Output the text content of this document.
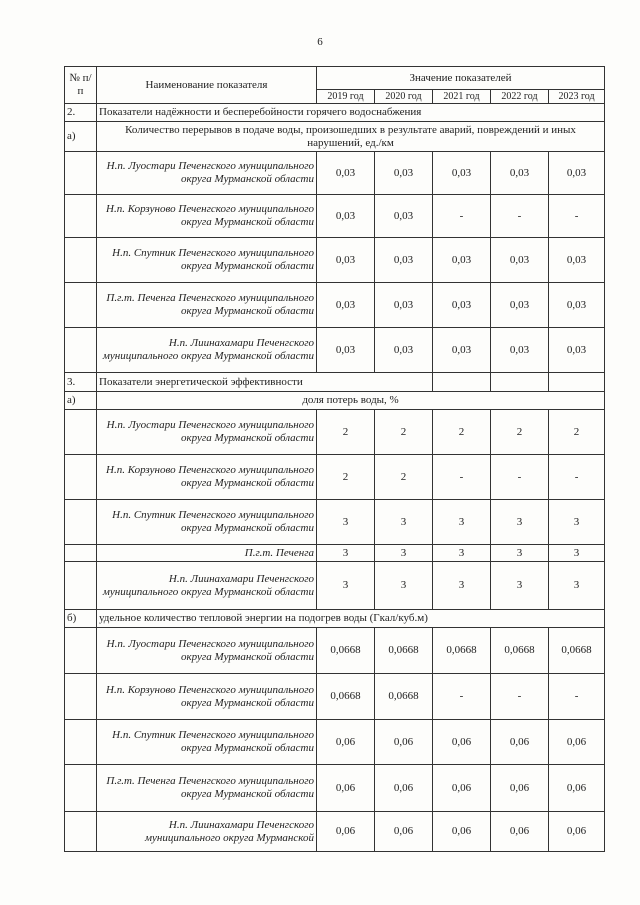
6
№ п/п	Наименование показателя	Значение показателей				
		2019 год	2020 год	2021 год	2022 год	2023 год
2.	Показатели надёжности и бесперебойности горячего водоснабжения					
а)	Количество перерывов в подаче воды, произошедших в результате аварий, повреждений и иных нарушений, ед./км					
	Н.п. Луостари Печенгского муниципального округа Мурманской области	0,03	0,03	0,03	0,03	0,03
	Н.п. Корзуново Печенгского муниципального округа Мурманской области	0,03	0,03	-	-	-
	Н.п. Спутник Печенгского муниципального округа Мурманской области	0,03	0,03	0,03	0,03	0,03
	П.г.т. Печенга Печенгского муниципального округа Мурманской области	0,03	0,03	0,03	0,03	0,03
	Н.п. Лиинахамари Печенгского муниципального округа Мурманской области	0,03	0,03	0,03	0,03	0,03
3.	Показатели энергетической эффективности					
а)	доля потерь воды, %					
	Н.п. Луостари Печенгского муниципального округа Мурманской области	2	2	2	2	2
	Н.п. Корзуново Печенгского муниципального округа Мурманской области	2	2	-	-	-
	Н.п. Спутник Печенгского муниципального округа Мурманской области	3	3	3	3	3
	П.г.т. Печенга	3	3	3	3	3
	Н.п. Лиинахамари Печенгского муниципального округа Мурманской области	3	3	3	3	3
б)	удельное количество тепловой энергии на подогрев воды (Гкал/куб.м)					
	Н.п. Луостари Печенгского муниципального округа Мурманской области	0,0668	0,0668	0,0668	0,0668	0,0668
	Н.п. Корзуново Печенгского муниципального округа Мурманской области	0,0668	0,0668	-	-	-
	Н.п. Спутник Печенгского муниципального округа Мурманской области	0,06	0,06	0,06	0,06	0,06
	П.г.т. Печенга Печенгского муниципального округа Мурманской области	0,06	0,06	0,06	0,06	0,06
	Н.п. Лиинахамари Печенгского муниципального округа Мурманской	0,06	0,06	0,06	0,06	0,06
